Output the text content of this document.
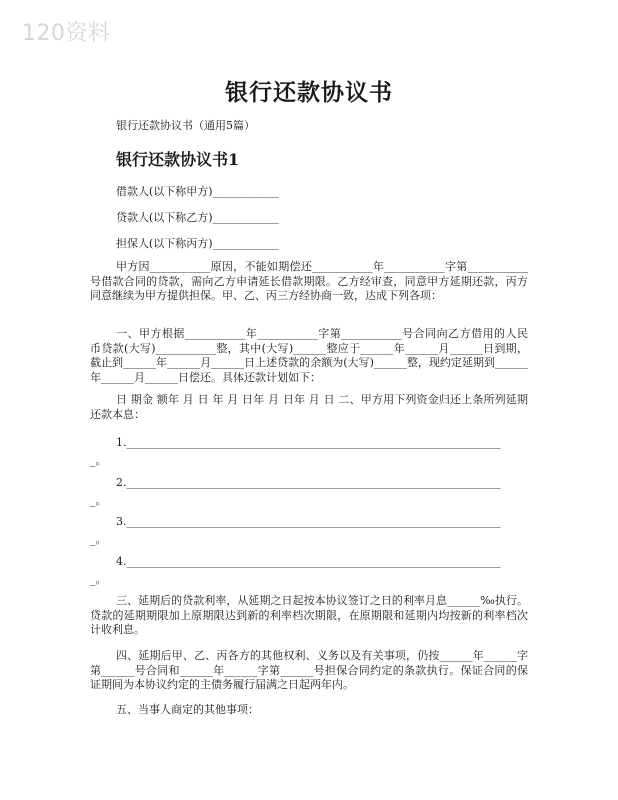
120资料
银行还款协议书
银行还款协议书（通用5篇）
银行还款协议书1
借款人(以下称甲方)____________
贷款人(以下称乙方)____________
担保人(以下称丙方)____________
甲方因___________原因，不能如期偿还___________年___________字第___________号借款合同的贷款，需向乙方申请延长借款期限。乙方经审查，同意甲方延期还款，丙方同意继续为甲方提供担保。甲、乙、丙三方经协商一致，达成下列各项：
一、甲方根据___________年___________字第___________号合同向乙方借用的人民币贷款(大写)___________整，其中(大写)______整应于______年______月______日到期，截止到______年______月______日上述贷款的余额为(大写)______整，现约定延期到______年______月______日偿还。具体还款计划如下：
日 期金 额年 月 日 年 月 日年 月 日年 月 日 二、甲方用下列资金归还上条所列延期还款本息：
1.____________________________________________________________________
_。
2.____________________________________________________________________
_。
3.____________________________________________________________________
_。
4.____________________________________________________________________
_。
三、延期后的贷款利率，从延期之日起按本协议签订之日的利率月息______‰执行。贷款的延期期限加上原期限达到新的利率档次期限，在原期限和延期内均按新的利率档次计收利息。
四、延期后甲、乙、丙各方的其他权利、义务以及有关事项，仍按______年______字第______号合同和______年______字第______号担保合同约定的条款执行。保证合同的保证期间为本协议约定的主债务履行届满之日起两年内。
五、当事人商定的其他事项：
